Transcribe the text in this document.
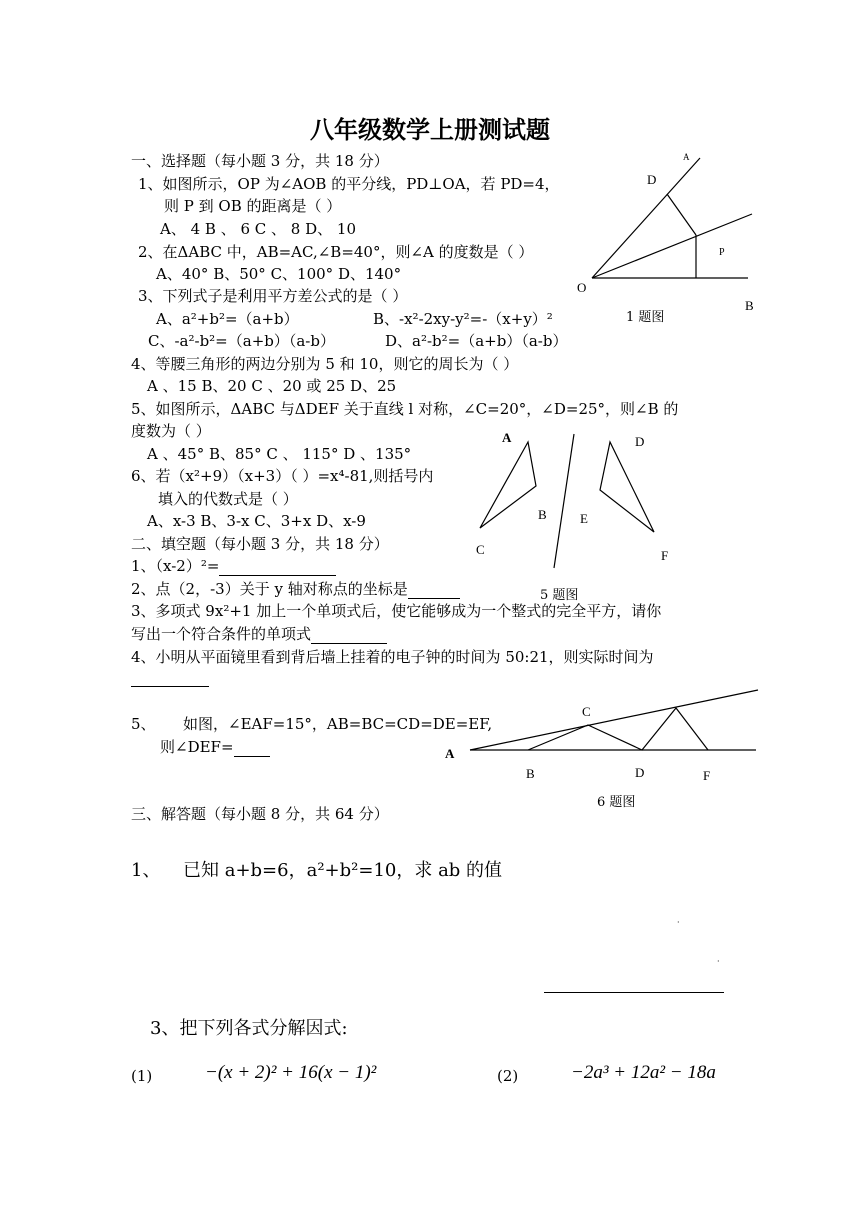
八年级数学上册测试题
一、选择题（每小题 3 分，共 18 分）
1、如图所示，OP 为∠AOB 的平分线，PD⊥OA，若 PD=4，
则 P 到 OB 的距离是（ ）
A、 4 B 、 6 C 、 8 D、 10
2、在ΔABC 中，AB=AC,∠B=40°，则∠A 的度数是（ ）
A、40° B、50° C、100° D、140°
3、下列式子是利用平方差公式的是（ ）
A、a²+b²=（a+b）	B、-x²-2xy-y²=-（x+y）²
C、-a²-b²=（a+b）（a-b）	D、a²-b²=（a+b）（a-b）
4、等腰三角形的两边分别为 5 和 10，则它的周长为（ ）
A 、15 B、20 C 、20 或 25 D、25
5、如图所示，ΔABC 与ΔDEF 关于直线 l 对称，∠C=20°，∠D=25°，则∠B 的
度数为（ ）
A 、45° B、85° C 、 115° D 、135°
6、若（x²+9）（x+3）（ ）=x⁴-81,则括号内
填入的代数式是（ ）
A、x-3 B、3-x C、3+x D、x-9
二、填空题（每小题 3 分，共 18 分）
1、（x-2）²=
2、点（2，-3）关于 y 轴对称点的坐标是
3、多项式 9x²+1 加上一个单项式后，使它能够成为一个整式的完全平方，请你
写出一个符合条件的单项式
4、小明从平面镜里看到背后墙上挂着的电子钟的时间为 50:21，则实际时间为
5、 如图，∠EAF=15°，AB=BC=CD=DE=EF,
则∠DEF=
三、解答题（每小题 8 分，共 64 分）
1、 已知 a+b=6，a²+b²=10，求 ab 的值
·
·
3、把下列各式分解因式:
(1)	−(x + 2)² + 16(x − 1)²	(2)	−2a³ + 12a² − 18a
A
D
P
O
B
1 题图
A
B
C
D
E
F
5 题图
A
B
C
D	F
6 题图
